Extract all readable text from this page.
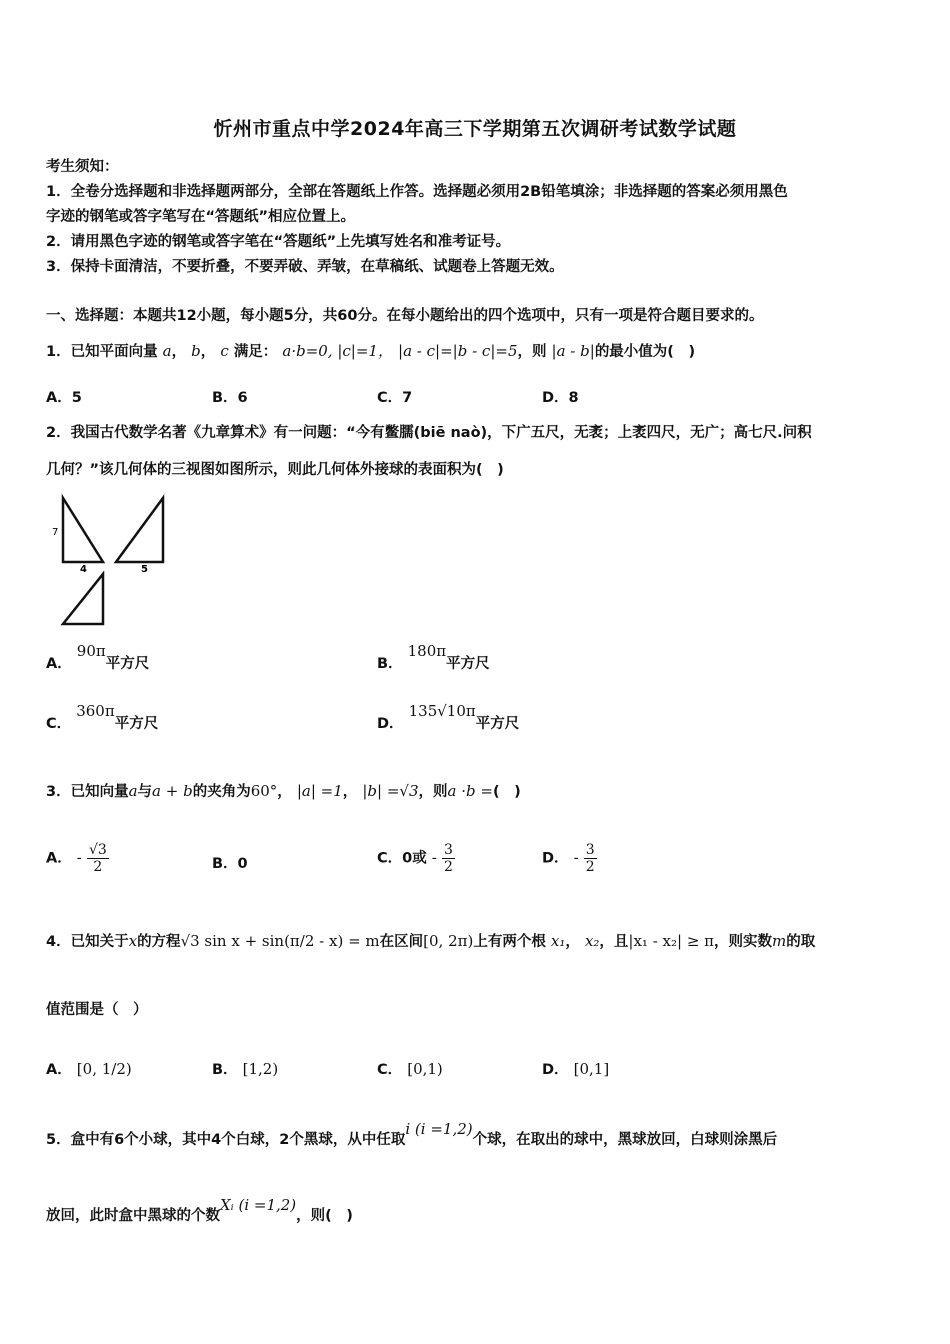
忻州市重点中学2024年高三下学期第五次调研考试数学试题
考生须知：
1．全卷分选择题和非选择题两部分，全部在答题纸上作答。选择题必须用2B铅笔填涂；非选择题的答案必须用黑色
字迹的钢笔或答字笔写在“答题纸”相应位置上。
2．请用黑色字迹的钢笔或答字笔在“答题纸”上先填写姓名和准考证号。
3．保持卡面清洁，不要折叠，不要弄破、弄皱，在草稿纸、试题卷上答题无效。
一、选择题：本题共12小题，每小题5分，共60分。在每小题给出的四个选项中，只有一项是符合题目要求的。
1．已知平面向量 a， b， c 满足： a·b=0, |c|=1， |a - c|=|b - c|=5，则 |a - b|的最小值为(　)
A．5	B．6	C．7	D．8
2．我国古代数学名著《九章算术》有一问题：“今有鳖臑(biē naò)，下广五尺，无袤；上袤四尺，无广；高七尺.问积
几何？”该几何体的三视图如图所示，则此几何体外接球的表面积为(　)
7
4	5
A． 90π平方尺	B． 180π平方尺
C． 360π平方尺	D． 135√10π平方尺
3．已知向量a与a + b的夹角为60°， |a| =1， |b| =√3，则a ·b =(　)
A． - $\frac{√3}{2}$	B．0	C．0或 - $\frac{3}{2}$	D． - $\frac{3}{2}$
4．已知关于x的方程√3 sin x + sin(π/2 - x) = m在区间[0, 2π)上有两个根 x₁， x₂，且|x₁ - x₂| ≥ π，则实数m的取
值范围是（　）
A． [0, 1/2)	B． [1,2)	C． [0,1)	D． [0,1]
5．盒中有6个小球，其中4个白球，2个黑球，从中任取i (i =1,2)个球，在取出的球中，黑球放回，白球则涂黑后
放回，此时盒中黑球的个数Xᵢ (i =1,2)，则(　)
